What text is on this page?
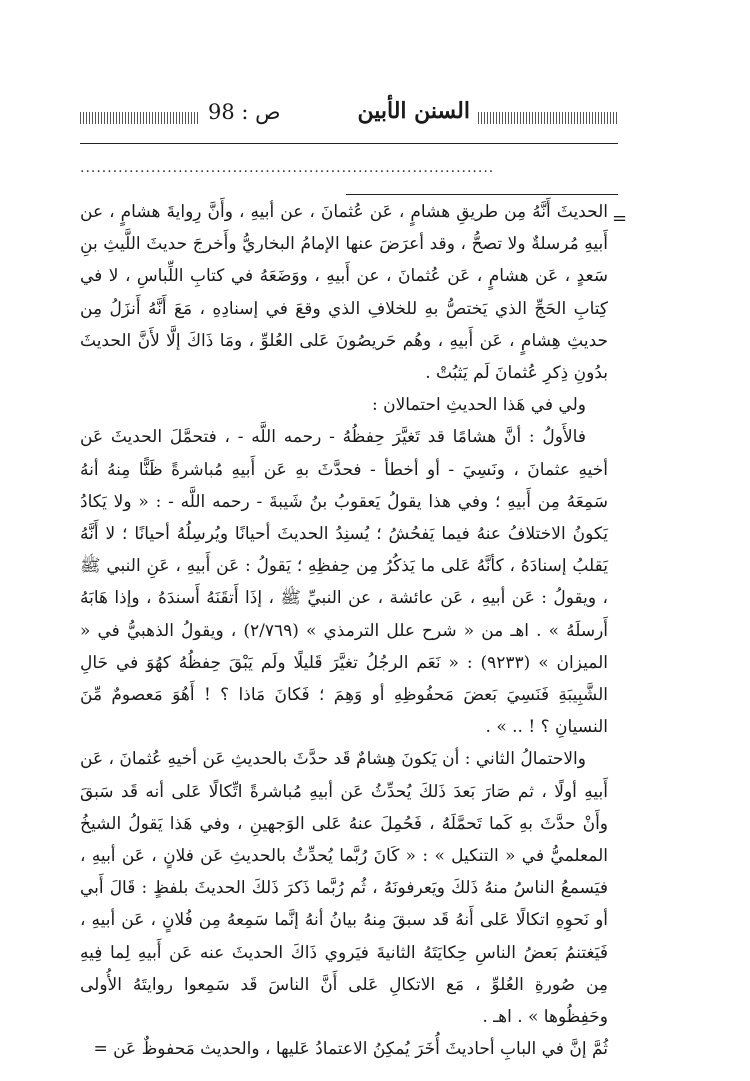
ص : 98	السنن الأبين
............................................................................
=

الحديثَ أَنَّهُ مِن طريقِ هشامٍ ، عَن عُثمانَ ، عن أبيهِ ، وأَنَّ رِوايةَ هشامٍ ، عن أَبيهِ مُرسلةٌ ولا تصحُّ ، وقد أعرَضَ عنها الإمامُ البخاريُّ وأَخرجَ حديثَ اللَّيثِ بنِ سَعدٍ ، عَن هشامٍ ، عَن عُثمانَ ، عن أَبيهِ ، ووَضَعَهُ في كتابِ اللِّباسِ ، لا في كِتابِ الحَجِّ الذي يَختصُّ بهِ للخلافِ الذي وقعَ في إسنادِهِ ، مَعَ أَنَّهُ أَنزَلُ مِن حديثِ هِشامٍ ، عَن أَبيهِ ، وهُم حَريصُونَ عَلى العُلوِّ ، ومَا ذَاكَ إلَّا لأَنَّ الحديثَ بدُونِ ذِكرِ عُثمانَ لَم يَثبُتْ .

ولي في هَذا الحديثِ احتمالان :

فالأَولُ : أنَّ هشامًا قد تَغيَّرَ حِفظُهُ - رحمه اللَّه - ، فتحمَّلَ الحديثَ عَن أخيهِ عثمانَ ، ونَسِيَ - أو أخطأ - فحدَّثَ بهِ عَن أَبيهِ مُباشرةً ظَنًّا مِنهُ أنهُ سَمِعَهُ مِن أَبيهِ ؛ وفي هذا يقولُ يَعقوبُ بنُ شَيبةَ - رحمه اللَّه - : « ولا يَكادُ يَكونُ الاختلافُ عنهُ فيما يَفحُشُ ؛ يُسنِدُ الحديثَ أحيانًا ويُرسِلُهُ أحيانًا ؛ لا أَنَّهُ يَقلبُ إسنادَهُ ، كأنَّهُ عَلى ما يَذكُرُ مِن حِفظِهِ ؛ يَقولُ : عَن أَبيهِ ، عَنِ النبي ﷺ ، ويقولُ : عَن أبيهِ ، عَن عائشة ، عن النبيِّ ﷺ ، إذَا أَتقَنَهُ أَسندَهُ ، وإذا هَابَهُ أَرسلَهُ » . اهـ من « شرح علل الترمذي » (٢/٧٦٩) ، ويقولُ الذهبيُّ في « الميزان » (٩٢٣٣) : « نَعَم الرجُلُ تغيَّرَ قَليلًا ولَم يَبْقَ حِفظُهُ كهُوَ في حَالِ الشَّبِيبَةِ فَنَسِيَ بَعضَ مَحفُوظِهِ أو وَهِمَ ؛ فَكانَ مَاذا ؟ ! أَهُوَ مَعصومٌ مِّنَ النسيانِ ؟ ! .. » .

والاحتمالُ الثاني : أن يَكونَ هِشامٌ قَد حدَّثَ بالحديثِ عَن أخيهِ عُثمانَ ، عَن أَبيهِ أولًا ، ثم صَارَ بَعدَ ذَلكَ يُحدِّثُ عَن أبيهِ مُباشرةً اتِّكالًا عَلى أنه قَد سَبقَ وأَنْ حدَّثَ بهِ كَما تَحمَّلَهُ ، فَحُمِلَ عنهُ عَلى الوَجهينِ ، وفي هَذا يَقولُ الشيخُ المعلميُّ في « التنكيل » : « كَانَ رُبَّما يُحدِّثُ بالحديثِ عَن فلانٍ ، عَن أبيهِ ، فيَسمعُ الناسُ منهُ ذَلكَ ويَعرفونَهُ ، ثُم رُبَّما ذَكرَ ذَلكَ الحديثَ بلفظٍ : قَالَ أَبي أو نَحوِهِ اتكالًا عَلى أَنهُ قَد سبقَ مِنهُ بيانُ أنهُ إنَّما سَمِعهُ مِن فُلانٍ ، عَن أبيهِ ، فَيَغتنمُ بَعضُ الناسِ حِكايَتَهُ الثانيةَ فيَروي ذَاكَ الحديثَ عنه عَن أَبيهِ لِما فِيهِ مِن صُورةِ العُلوِّ ، مَع الاتكالِ عَلى أَنَّ الناسَ قَد سَمِعوا روايتَهُ الأُولى وحَفِظُوها » . اهـ .

ثُمَّ إنَّ في البابِ أحاديثَ أُخَرَ يُمكِنُ الاعتمادُ عَليها ، والحديث مَحفوظٌ عَن =
